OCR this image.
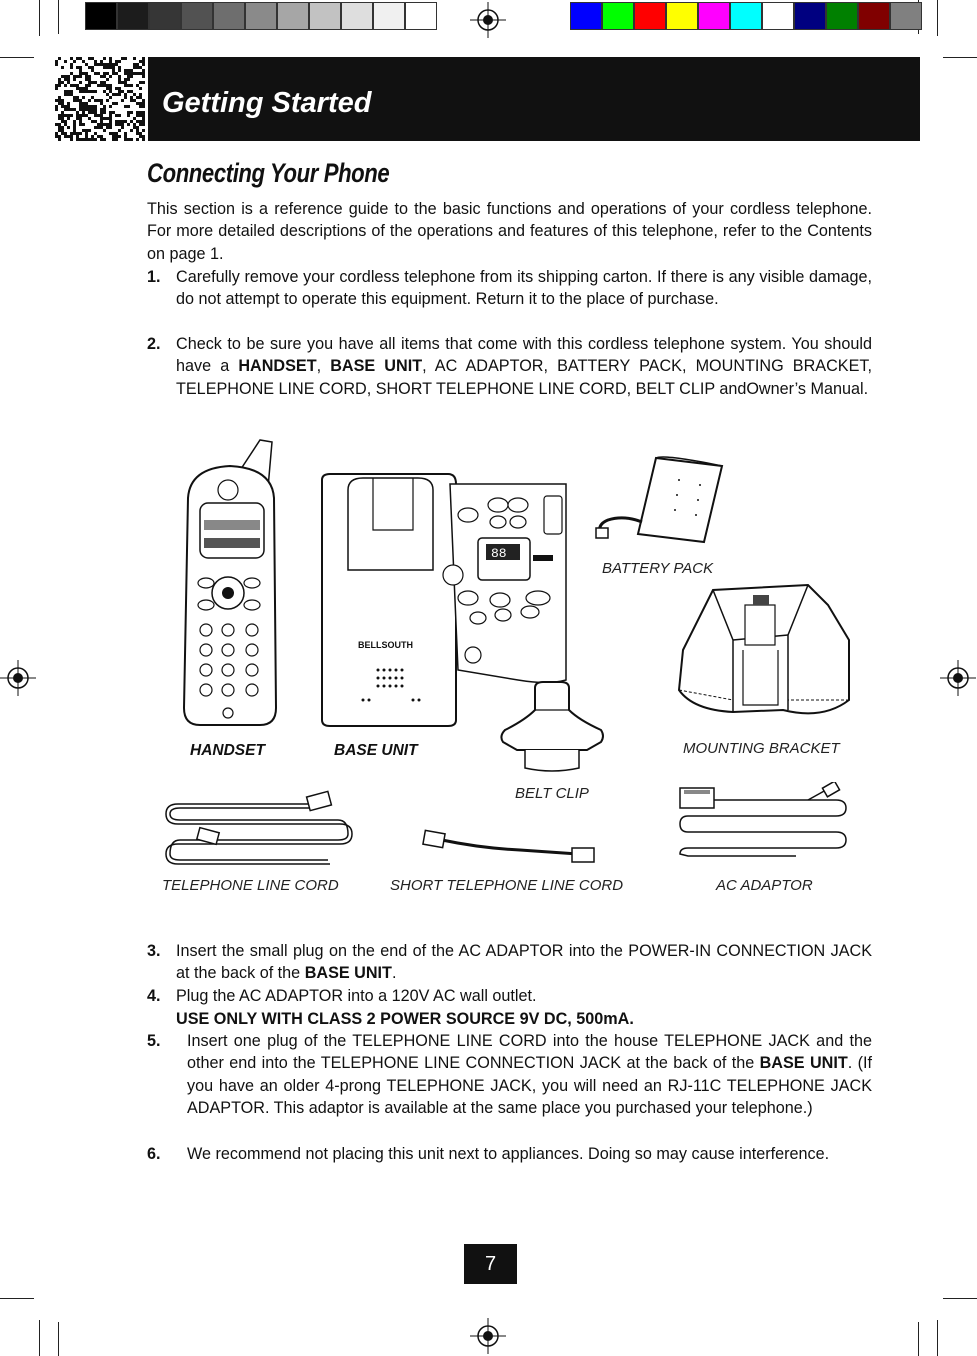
Getting Started
Connecting Your Phone

This section is a reference guide to the basic functions and operations of your cordless telephone. For more detailed descriptions of the operations and features of this telephone, refer to the Contents on page 1.

1. Carefully remove your cordless telephone from its shipping carton. If there is any visible damage, do not attempt to operate this equipment. Return it to the place of purchase.
2. Check to be sure you have all items that come with this cordless telephone system. You should have a HANDSET, BASE UNIT, AC ADAPTOR, BATTERY PACK, MOUNTING BRACKET, TELEPHONE LINE CORD, SHORT TELEPHONE LINE CORD, BELT CLIP andOwner’s Manual.
88
BELLSOUTH
HANDSET	BASE UNIT
BATTERY PACK
MOUNTING BRACKET
BELT CLIP
TELEPHONE LINE CORD	SHORT TELEPHONE LINE CORD	AC ADAPTOR
3. Insert the small plug on the end of the AC ADAPTOR into the POWER-IN CONNECTION JACK at the back of the BASE UNIT.
4. Plug the AC ADAPTOR into a 120V AC wall outlet.
USE ONLY WITH CLASS 2 POWER SOURCE 9V DC, 500mA.
5. Insert one plug of the TELEPHONE LINE CORD into the house TELEPHONE JACK and the other end into the TELEPHONE LINE CONNECTION JACK at the back of the BASE UNIT. (If you have an older 4-prong TELEPHONE JACK, you will need an RJ-11C TELEPHONE JACK ADAPTOR. This adaptor is available at the same place you purchased your telephone.)
6. We recommend not placing this unit next to appliances. Doing so may cause interference.
7
